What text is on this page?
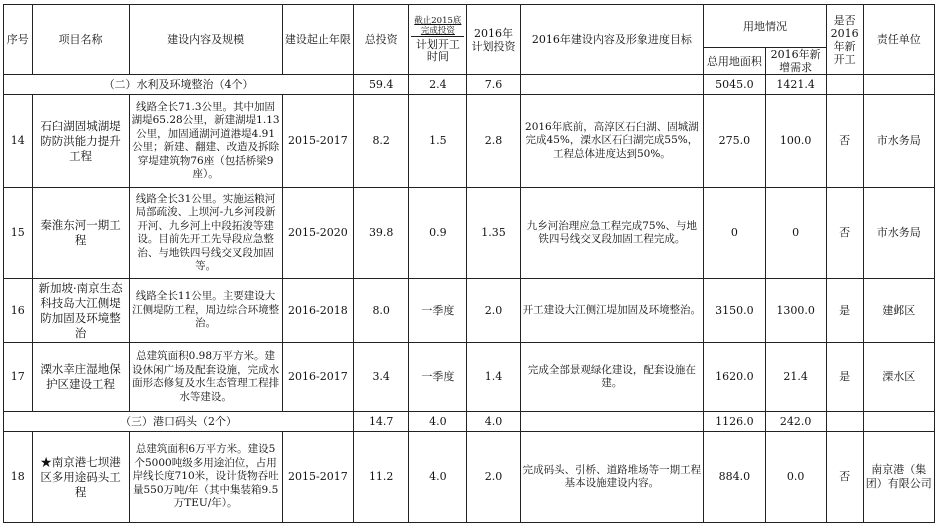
序号	项目名称	建设内容及规模	建设起止年限	总投资	截止2015底完成投资
计划开工时间	2016年计划投资	2016年建设内容及形象进度目标	用地情况		是否2016年新开工	责任单位
								总用地面积	2016年新增需求		
（二）水利及环境整治（4个）				59.4	2.4	7.6		5045.0	1421.4		
14	石臼湖固城湖堤防防洪能力提升工程	线路全长71.3公里。其中加固湖堤65.28公里，新建湖堤1.13公里，加固通湖河道港堤4.91公里；新建、翻建、改造及拆除穿堤建筑物76座（包括桥梁9座）。	2015-2017	8.2	1.5	2.8	2016年底前，高淳区石臼湖、固城湖完成45%，溧水区石臼湖完成55%，工程总体进度达到50%。	275.0	100.0	否	市水务局
15	秦淮东河一期工程	线路全长31公里。实施运粮河局部疏浚、上坝河-九乡河段新开河、九乡河上中段拓浚等建设。目前先开工先导段应急整治、与地铁四号线交叉段加固等。	2015-2020	39.8	0.9	1.35	九乡河治理应急工程完成75%、与地铁四号线交叉段加固工程完成。	0	0	否	市水务局
16	新加坡·南京生态科技岛大江侧堤防加固及环境整治	线路全长11公里。主要建设大江侧堤防工程，周边综合环境整治。	2016-2018	8.0	一季度	2.0	开工建设大江侧江堤加固及环境整治。	3150.0	1300.0	是	建邺区
17	溧水幸庄湿地保护区建设工程	总建筑面积0.98万平方米。建设休闲广场及配套设施，完成水面形态修复及水生态管理工程排水等建设。	2016-2017	3.4	一季度	1.4	完成全部景观绿化建设，配套设施在建。	1620.0	21.4	是	溧水区
（三）港口码头（2个）				14.7	4.0	4.0		1126.0	242.0		
18	★南京港七坝港区多用途码头工程	总建筑面积6万平方米。建设5个5000吨级多用途泊位，占用岸线长度710米，设计货物吞吐量550万吨/年（其中集装箱9.5万TEU/年）。	2015-2017	11.2	4.0	2.0	完成码头、引桥、道路堆场等一期工程基本设施建设内容。	884.0	0.0	否	南京港（集团）有限公司
